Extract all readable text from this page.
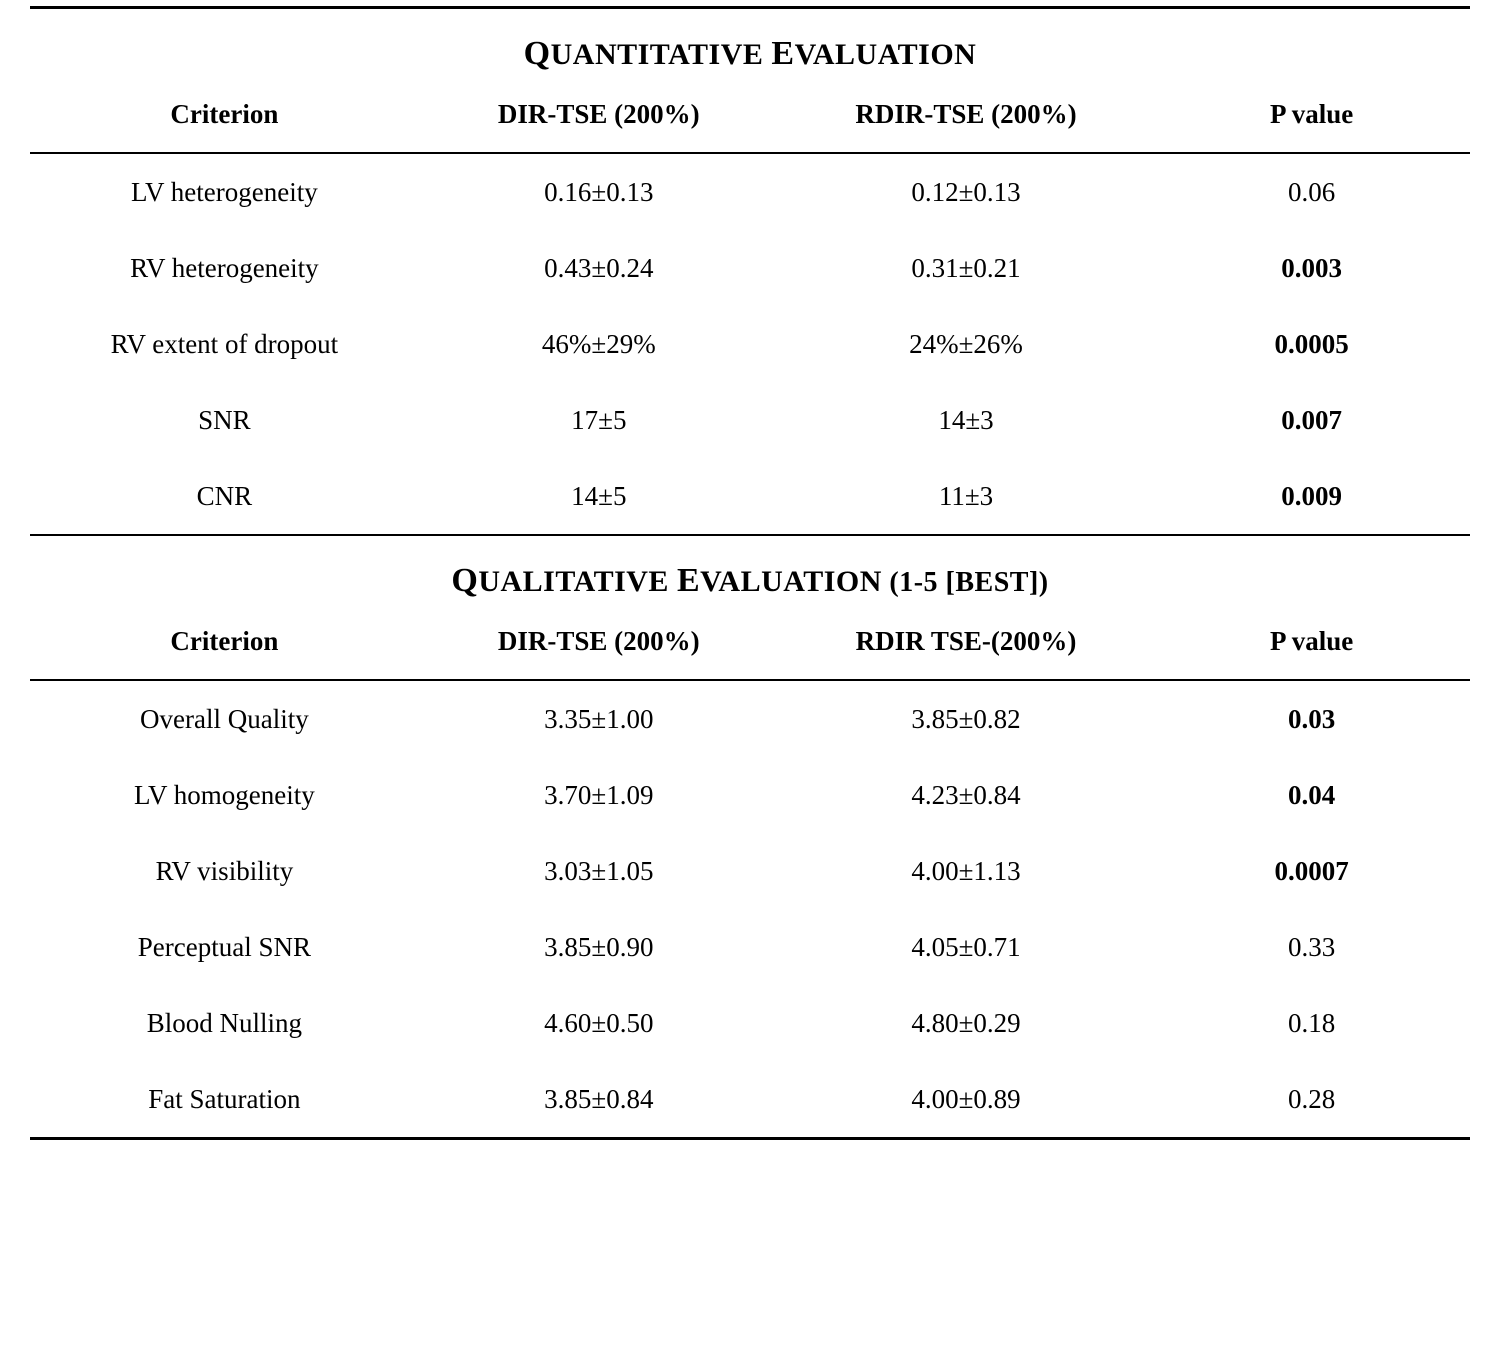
QUANTITATIVE EVALUATION
Criterion	DIR-TSE (200%)	RDIR-TSE (200%)	P value
LV heterogeneity	0.16±0.13	0.12±0.13	0.06
RV heterogeneity	0.43±0.24	0.31±0.21	0.003
RV extent of dropout	46%±29%	24%±26%	0.0005
SNR	17±5	14±3	0.007
CNR	14±5	11±3	0.009
QUALITATIVE EVALUATION (1-5 [BEST])
Criterion	DIR-TSE (200%)	RDIR TSE-(200%)	P value
Overall Quality	3.35±1.00	3.85±0.82	0.03
LV homogeneity	3.70±1.09	4.23±0.84	0.04
RV visibility	3.03±1.05	4.00±1.13	0.0007
Perceptual SNR	3.85±0.90	4.05±0.71	0.33
Blood Nulling	4.60±0.50	4.80±0.29	0.18
Fat Saturation	3.85±0.84	4.00±0.89	0.28
